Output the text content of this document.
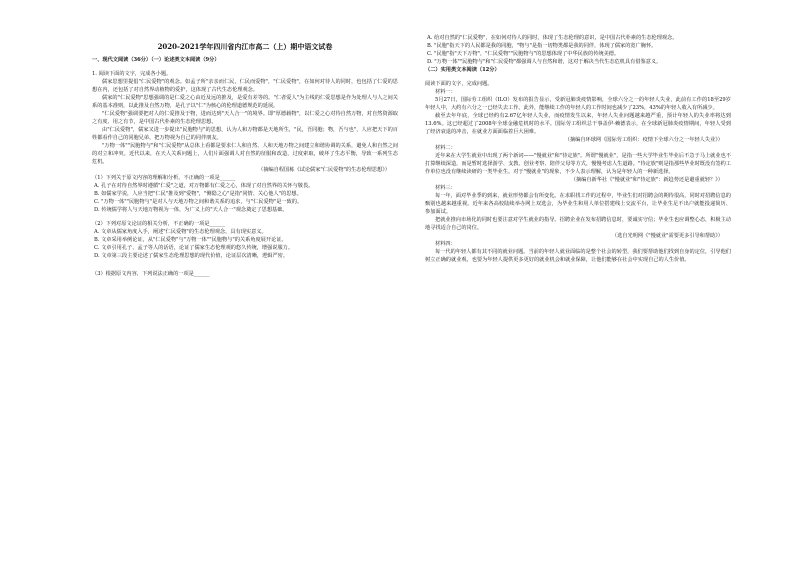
2020-2021学年四川省内江市高二（上）期中语文试卷
一、现代文阅读（36分）（一）论述类文本阅读（9分）

1. 阅读下面的文字，完成各小题。

儒家思想里提倡"仁民爱物"的观念。如孟子所"亲亲而仁民，仁民而爱物"，"仁民爱物"，在如何对待人的同时，也包括了仁爱的思想在内，还包括了对自然界动植物的爱护，这体现了古代生态伦理观念。

儒家的"仁民爱物"思想强调的是仁爱之心由近及远的推及，是爱有差等的。"仁者爱人"为主线的仁爱思想是作为处理人与人之间关系的基本准则，以此推及自然万物，是孔子以"仁"为核心的伦理道德规范的延展。

"仁民爱物"强调要把对人的仁爱推及于物，进而达到"天人合一"的境界。即"厚德载物"，以仁爱之心对待自然万物，对自然资源取之有度、用之有节，是中国古代朴素的生态伦理思想。

由"仁民爱物"，儒家又进一步提出"民胞物与"的思想，认为人和万物都是天地所生，"民，吾同胞；物，吾与也"，人应把天下的百姓都看作自己的同胞兄弟，把万物视为自己的同伴朋友。

"万物一体""民胞物与"和"仁民爱物"从总体上看都是要求仁人和自然、人和天地万物之间建立和谐协调的关系，避免人和自然之间的对立和冲突。近代以来，在天人关系问题上，人们片面强调人对自然的征服和改造，过度索取，破坏了生态平衡，导致一系列生态危机。

（摘编自程国栋《试论儒家"仁民爱物"的生态伦理思想》）

（1）下列关于原文内容的理解和分析，不正确的一项是______

A. 孔子在对待自然界时遵循"仁爱"之道，对万物都有仁爱之心，体现了对自然界的关怀与敬畏。

B. 如儒家学说，人应当把"仁民"推及到"爱物"，"恻隐之心"是指"同情、关心他人"的思想。

C. "万物一体""民胞物与"是对人与天地万物之间和谐关系的追求，与"仁民爱物"是一致的。

D. 传统儒学将人与天地万物视为一体，为广义上的"天人合一"观念奠定了思想基础。

（2）下列对原文论证的相关分析，不正确的一项是______

A. 文章从儒家角度入手，阐述"仁民爱物"的生态伦理观念，具有现实意义。

B. 文章采用举例论证，从"仁民爱物"与"万物一体""民胞物与"的关系角度展开论证。

C. 文章引用孔子、孟子等人的话语，论证了儒家生态伦理观的悠久传统，增强说服力。

D. 文章第三段主要论述了儒家生态伦理思想的现代价值，论证层次清晰，逻辑严密。

（3）根据原文内容，下列说法正确的一项是______

A. 给对自然的"仁民爱物"，在如何对待人的同时，体现了生态伦理的意识，是中国古代朴素的生态伦理观念。

B. "民胞"指天下的人民都是我的同胞，"物与"是指一切物类都是我的同伴，体现了儒家的宽广胸怀。

C. "民胞"指"天下万物"，"仁民爱物""民胞物与"的思想体现了中华民族的传统美德。

D. "万物一体""民胞物与"和"仁民爱物"都强调人与自然和谐，这对于解决当代生态危机具有借鉴意义。

（二）实用类文本阅读（12分）

阅读下面的文字，完成问题。

材料一：

5月27日，国际劳工组织（ILO）发布的报告显示，受新冠肺炎疫情影响，全球六分之一的年轻人失业，此前有工作的18至29岁年轻人中，大约有六分之一已经失去工作。此外，能继续工作的年轻人的工作时间也减少了23%，43%的年轻人收入有所减少。

截至去年年底，全球已经约有2.67亿年轻人失业，而疫情发生以来，年轻人失业问题越来越严重，预计年轻人的失业率将达到13.6%。这已经超过了2008年全球金融危机时的水平。国际劳工组织总干事盖伊·赖德表示，在全球新冠肺炎疫情期间，年轻人受到了经济衰退的冲击，在就业方面面临着巨大困难。

（摘编自环球网《国际劳工组织：疫情下全球六分之一年轻人失业》）

材料二：

近年来在大学生就业中出现了两个新词——"慢就业"和"待定族"。所谓"慢就业"，是指一些大学毕业生毕业后不急于马上就业也不打算继续深造，而是暂时选择游学、支教、创业考察、陪伴父母等方式，慢慢考虑人生道路。"待定族"则是指那些毕业时既没有签约工作单位也没有继续读研的一类毕业生。对于"慢就业"的现象，不少人表示理解，认为是年轻人的一种新选择。

（摘编自新华社《"慢就业"和"待定族"：新趋势还是避重就轻？》）

材料三：

每一年，面对毕业季的到来，就业形势都会有所变化。在求职找工作的过程中，毕业生们对招聘会的期待很高，同时对招聘信息的甄别也越来越重视。近年来各高校陆续举办网上双选会，为毕业生和用人单位搭建线上交流平台，让毕业生足不出户就能投递简历、参加面试。

把就业推向市场化的同时也要注意对学生就业的指导。招聘企业在发布招聘信息时，要诚实守信；毕业生也应调整心态，积极主动地寻找适合自己的岗位。

（选自光明网《"慢就业"需要更多引导和帮助》）

材料四：

每一代的年轻人都有其不同的就业问题。当前的年轻人就业面临的是整个社会的转型，我们要帮助他们找到自身的定位，引导他们树立正确的就业观，也要为年轻人提供更多更好的就业机会和就业保障，让他们能够在社会中实现自己的人生价值。
